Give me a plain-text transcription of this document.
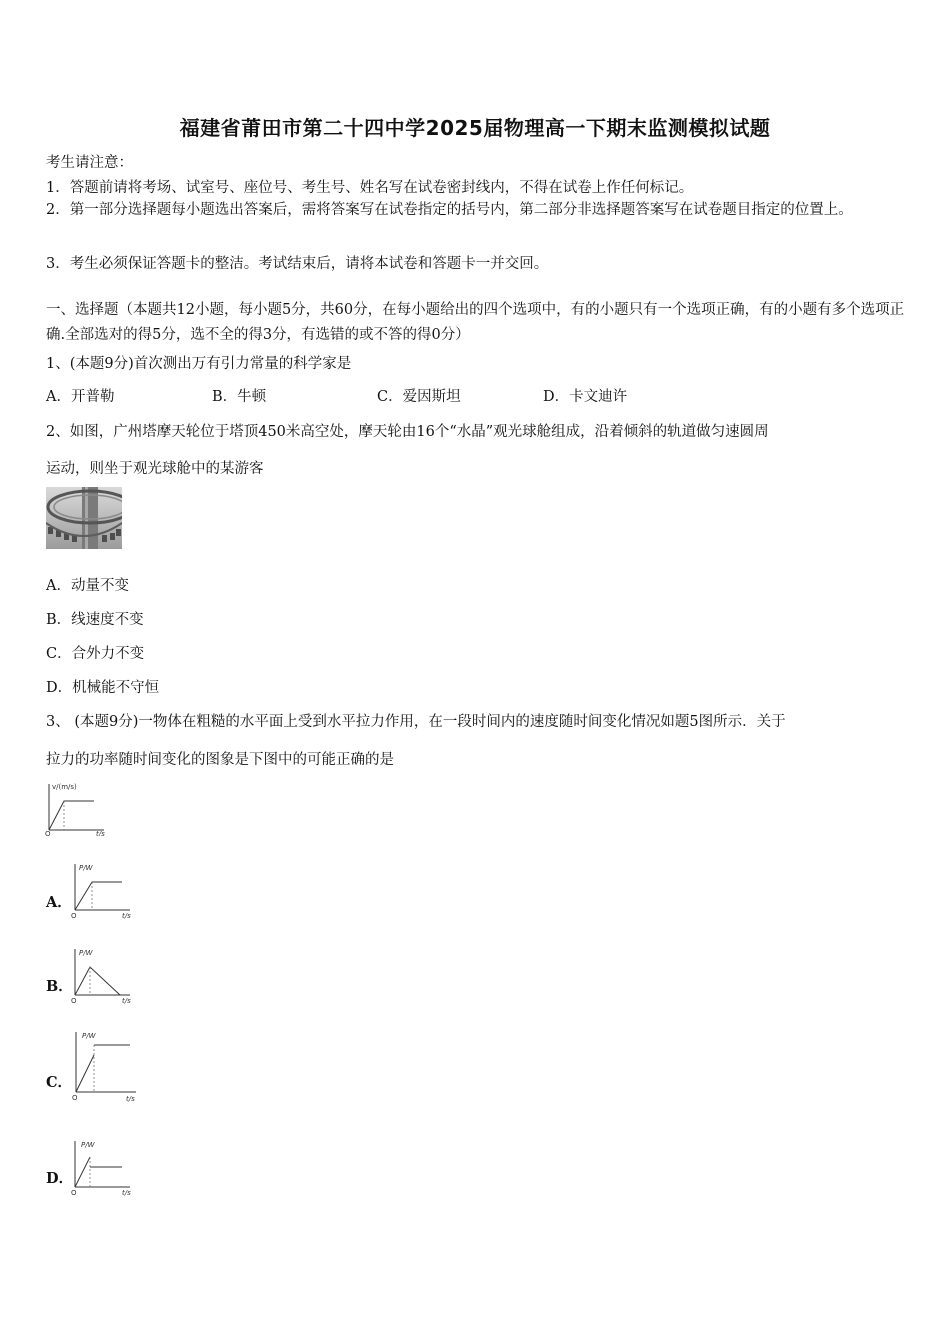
福建省莆田市第二十四中学2025届物理高一下期末监测模拟试题
考生请注意：
1．答题前请将考场、试室号、座位号、考生号、姓名写在试卷密封线内，不得在试卷上作任何标记。
2．第一部分选择题每小题选出答案后，需将答案写在试卷指定的括号内，第二部分非选择题答案写在试卷题目指定的位置上。
3．考生必须保证答题卡的整洁。考试结束后，请将本试卷和答题卡一并交回。
一、选择题（本题共12小题，每小题5分，共60分，在每小题给出的四个选项中，有的小题只有一个选项正确，有的小题有多个选项正确.全部选对的得5分，选不全的得3分，有选错的或不答的得0分）
1、(本题9分)首次测出万有引力常量的科学家是
A．开普勒	B．牛顿	C．爱因斯坦	D．卡文迪许
2、如图，广州塔摩天轮位于塔顶450米高空处，摩天轮由16个“水晶”观光球舱组成，沿着倾斜的轨道做匀速圆周
运动，则坐于观光球舱中的某游客
A．动量不变
B．线速度不变
C．合外力不变
D．机械能不守恒
3、 (本题9分)一物体在粗糙的水平面上受到水平拉力作用，在一段时间内的速度随时间变化情况如题5图所示．关于
拉力的功率随时间变化的图象是下图中的可能正确的是
v/(m/s)
O	t/s
A．
P/W
O	t/s
B．
P/W
O	t/s
C．
P/W
O	t/s
D．
P/W
O	t/s
